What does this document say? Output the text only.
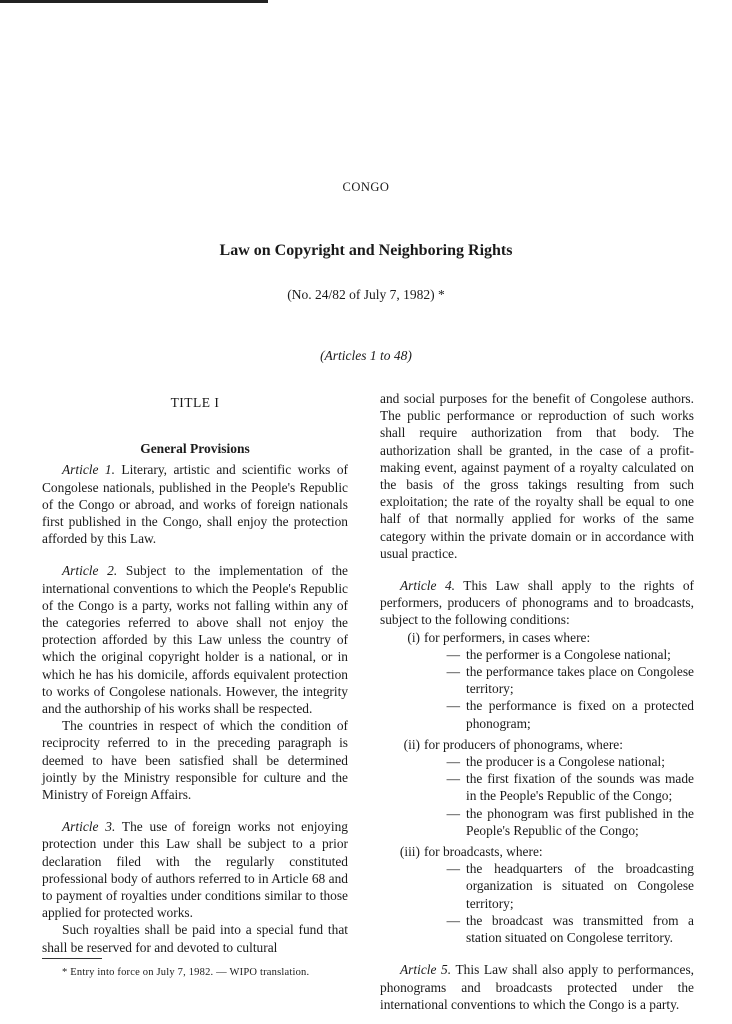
CONGO
Law on Copyright and Neighboring Rights
(No. 24/82 of July 7, 1982) *
(Articles 1 to 48)
TITLE I
General Provisions

Article 1. Literary, artistic and scientific works of Congolese nationals, published in the People's Republic of the Congo or abroad, and works of foreign nationals first published in the Congo, shall enjoy the protection afforded by this Law.

Article 2. Subject to the implementation of the international conventions to which the People's Republic of the Congo is a party, works not falling within any of the categories referred to above shall not enjoy the protection afforded by this Law unless the country of which the original copyright holder is a national, or in which he has his domicile, affords equivalent protection to works of Congolese nationals. However, the integrity and the authorship of his works shall be respected.

The countries in respect of which the condition of reciprocity referred to in the preceding paragraph is deemed to have been satisfied shall be determined jointly by the Ministry responsible for culture and the Ministry of Foreign Affairs.

Article 3. The use of foreign works not enjoying protection under this Law shall be subject to a prior declaration filed with the regularly constituted professional body of authors referred to in Article 68 and to payment of royalties under conditions similar to those applied for protected works.

Such royalties shall be paid into a special fund that shall be reserved for and devoted to cultural

and social purposes for the benefit of Congolese authors. The public performance or reproduction of such works shall require authorization from that body. The authorization shall be granted, in the case of a profit-making event, against payment of a royalty calculated on the basis of the gross takings resulting from such exploitation; the rate of the royalty shall be equal to one half of that normally applied for works of the same category within the private domain or in accordance with usual practice.

Article 4. This Law shall apply to the rights of performers, producers of phonograms and to broadcasts, subject to the following conditions:

(i) for performers, in cases where:
— the performer is a Congolese national;
— the performance takes place on Congolese territory;
— the performance is fixed on a protected phonogram;
(ii) for producers of phonograms, where:
— the producer is a Congolese national;
— the first fixation of the sounds was made in the People's Republic of the Congo;
— the phonogram was first published in the People's Republic of the Congo;
(iii) for broadcasts, where:
— the headquarters of the broadcasting organization is situated on Congolese territory;
— the broadcast was transmitted from a station situated on Congolese territory.

Article 5. This Law shall also apply to performances, phonograms and broadcasts protected under the international conventions to which the Congo is a party.

* Entry into force on July 7, 1982. — WIPO translation.
